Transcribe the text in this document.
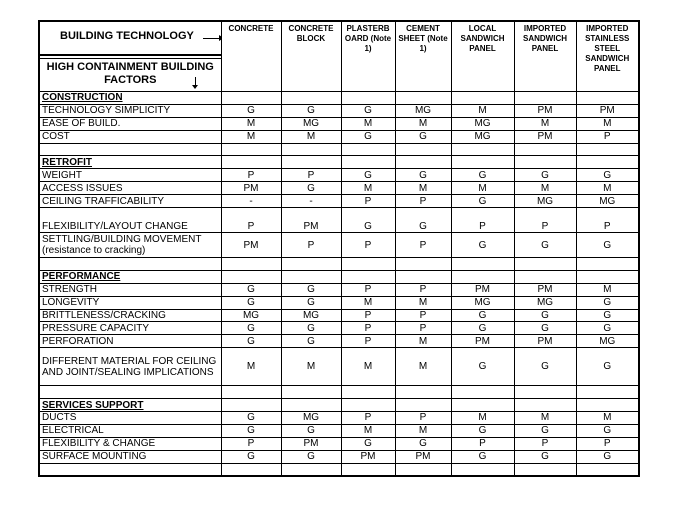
BUILDING TECHNOLOGY
HIGH CONTAINMENT BUILDING FACTORS	CONCRETE	CONCRETE BLOCK	PLASTERB OARD (Note 1)	CEMENT SHEET (Note 1)	LOCAL SANDWICH PANEL	IMPORTED SANDWICH PANEL	IMPORTED STAINLESS STEEL SANDWICH PANEL
CONSTRUCTION							
TECHNOLOGY SIMPLICITY	G	G	G	MG	M	PM	PM
EASE OF BUILD.	M	MG	M	M	MG	M	M
COST	M	M	G	G	MG	PM	P

RETROFIT							
WEIGHT	P	P	G	G	G	G	G
ACCESS ISSUES	PM	G	M	M	M	M	M
CEILING TRAFFICABILITY	-	-	P	P	G	MG	MG
FLEXIBILITY/LAYOUT CHANGE	P	PM	G	G	P	P	P
SETTLING/BUILDING MOVEMENT (resistance to cracking)	PM	P	P	P	G	G	G

PERFORMANCE							
STRENGTH	G	G	P	P	PM	PM	M
LONGEVITY	G	G	M	M	MG	MG	G
BRITTLENESS/CRACKING	MG	MG	P	P	G	G	G
PRESSURE CAPACITY	G	G	P	P	G	G	G
PERFORATION	G	G	P	M	PM	PM	MG
DIFFERENT MATERIAL FOR CEILING AND JOINT/SEALING IMPLICATIONS	M	M	M	M	G	G	G

SERVICES SUPPORT							
DUCTS	G	MG	P	P	M	M	M
ELECTRICAL	G	G	M	M	G	G	G
FLEXIBILITY & CHANGE	P	PM	G	G	P	P	P
SURFACE MOUNTING	G	G	PM	PM	G	G	G
